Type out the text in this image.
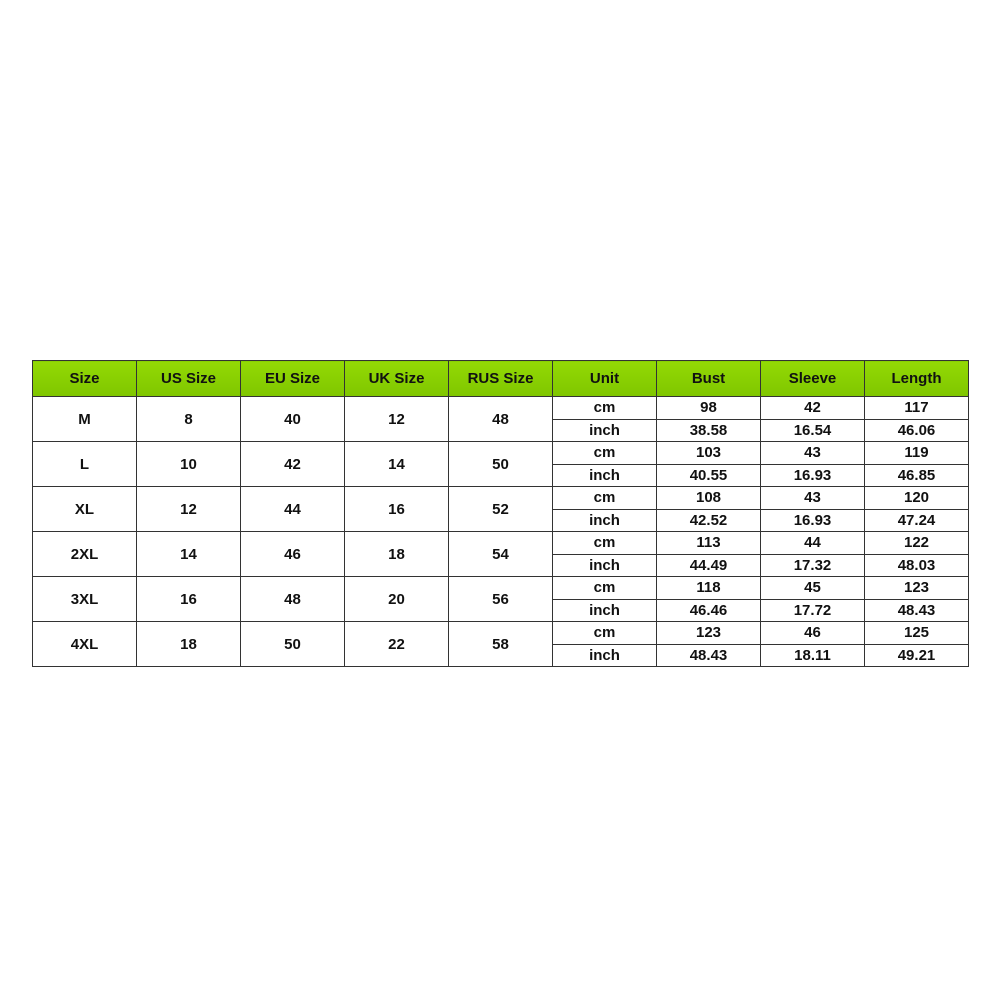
Size	US Size	EU Size	UK Size	RUS Size	Unit	Bust	Sleeve	Length
M	8	40	12	48	cm	98	42	117
					inch	38.58	16.54	46.06
L	10	42	14	50	cm	103	43	119
					inch	40.55	16.93	46.85
XL	12	44	16	52	cm	108	43	120
					inch	42.52	16.93	47.24
2XL	14	46	18	54	cm	113	44	122
					inch	44.49	17.32	48.03
3XL	16	48	20	56	cm	118	45	123
					inch	46.46	17.72	48.43
4XL	18	50	22	58	cm	123	46	125
					inch	48.43	18.11	49.21
